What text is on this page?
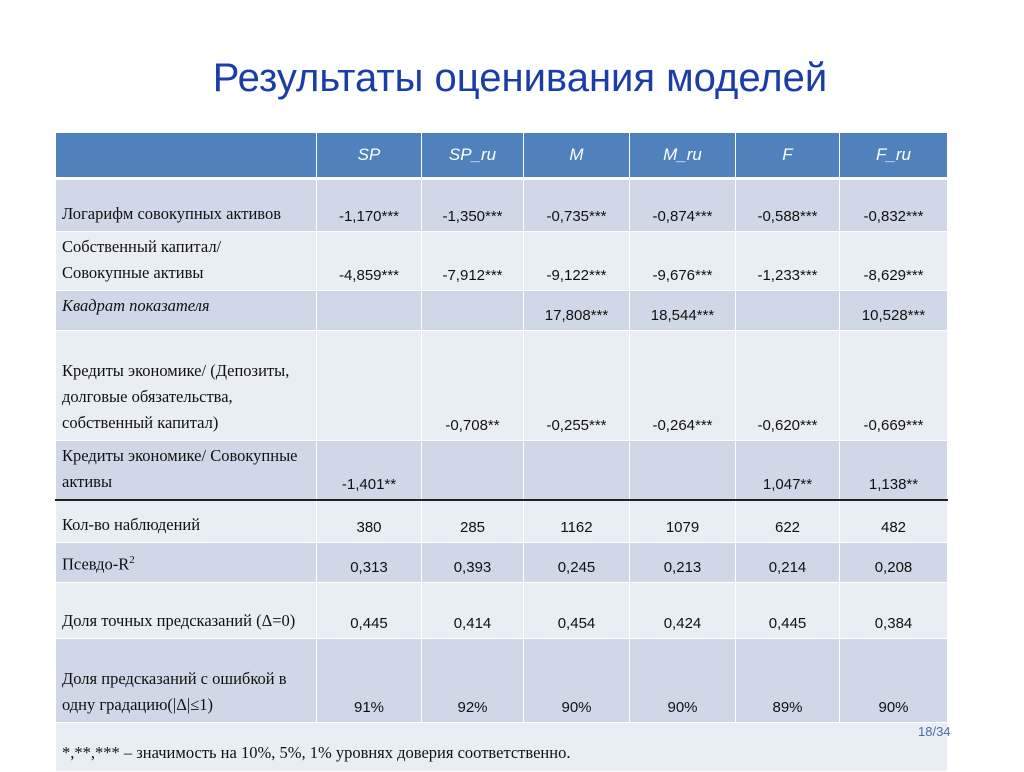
Результаты оценивания моделей
	SP	SP_ru	M	M_ru	F	F_ru
Логарифм совокупных активов	-1,170***	-1,350***	-0,735***	-0,874***	-0,588***	-0,832***
Собственный капитал/ Совокупные активы	-4,859***	-7,912***	-9,122***	-9,676***	-1,233***	-8,629***
Квадрат показателя			17,808***	18,544***		10,528***
Кредиты экономике/ (Депозиты, долговые обязательства, собственный капитал)		-0,708**	-0,255***	-0,264***	-0,620***	-0,669***
Кредиты экономике/ Совокупные активы	-1,401**				1,047**	1,138**
Кол-во наблюдений	380	285	1162	1079	622	482
Псевдо-$R^2$	0,313	0,393	0,245	0,213	0,214	0,208
Доля точных предсказаний (Δ=0)	0,445	0,414	0,454	0,424	0,445	0,384
Доля предсказаний с ошибкой в одну градацию(|Δ|≤1)	91%	92%	90%	90%	89%	90%
*,**,*** – значимость на 10%, 5%, 1% уровнях доверия соответственно.						
18/34
